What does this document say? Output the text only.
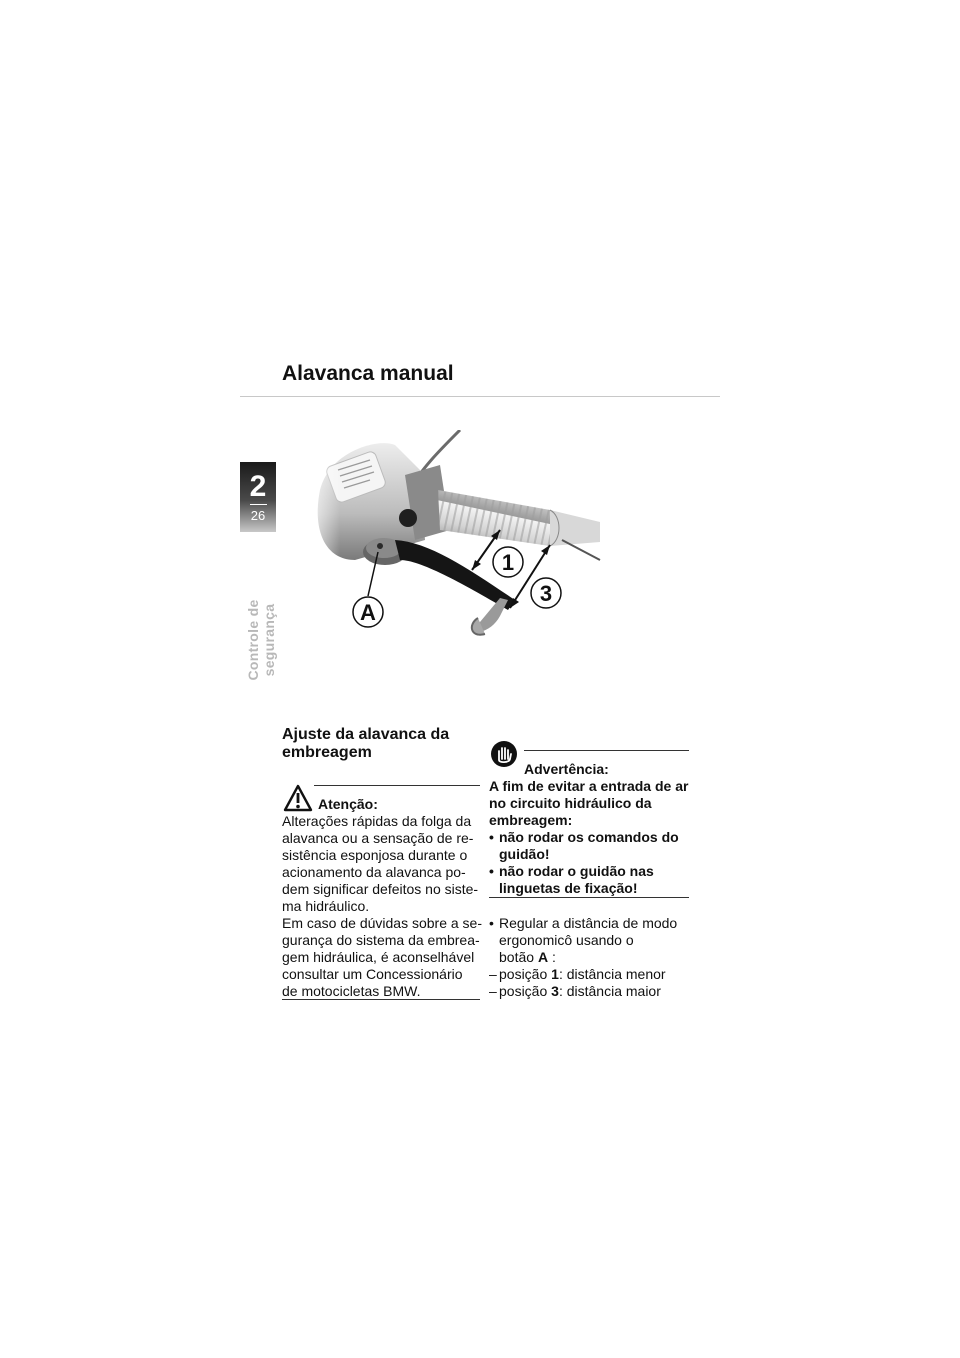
Alavanca manual
2
26
Controle de segurança
1
3
A
Ajuste da alavanca da embreagem
Atenção:
Alterações rápidas da folga da
alavanca ou a sensação de re-
sistência esponjosa durante o
acionamento da alavanca po-
dem significar defeitos no siste-
ma hidráulico.
Em caso de dúvidas sobre a se-
gurança do sistema da embrea-
gem hidráulica, é aconselhável
consultar um Concessionário
de motocicletas BMW.
Advertência:
A fim de evitar a entrada de ar
no circuito hidráulico da
embreagem:
• não rodar os comandos do
guidão!
• não rodar o guidão nas
linguetas de fixação!
• Regular a distância de modo
ergonomicô usando o
botão A :
– posição 1: distância menor
– posição 3: distância maior
